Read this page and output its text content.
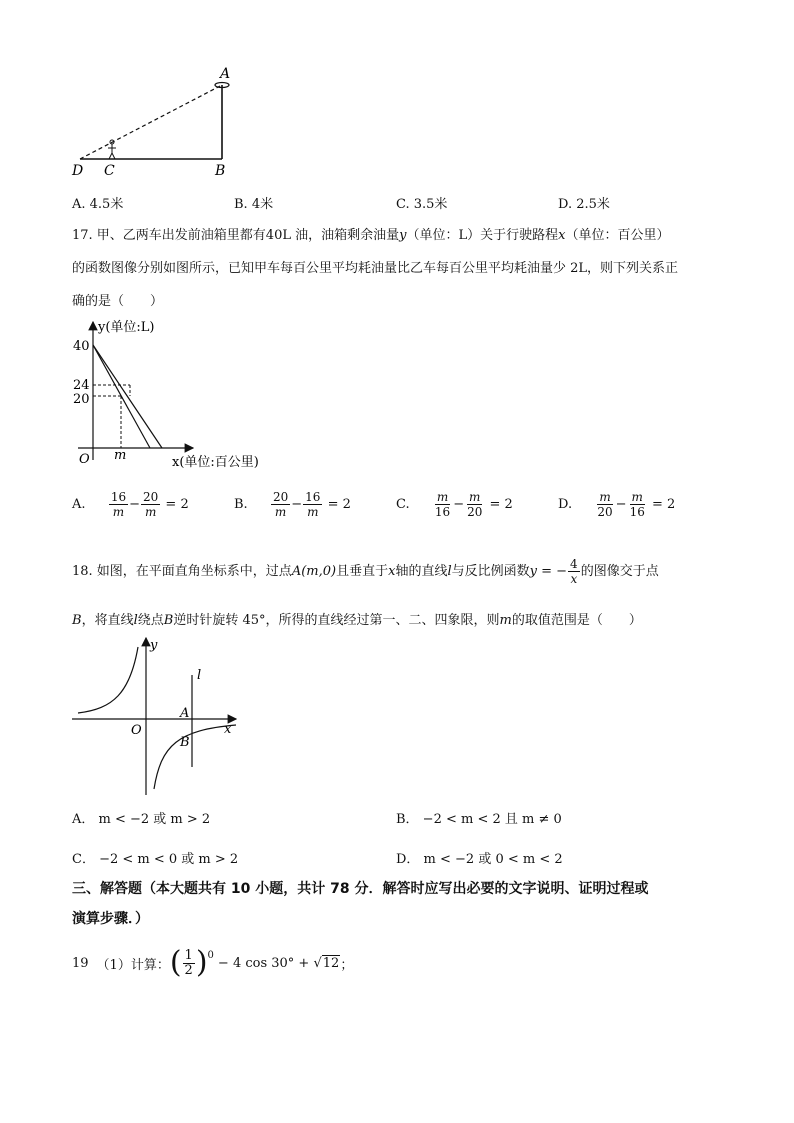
A
B
C
D
A. 4.5米	B. 4米	C. 3.5米	D. 2.5米
17. 甲、乙两车出发前油箱里都有40L 油，油箱剩余油量y（单位：L）关于行驶路程x（单位：百公里）
的函数图像分别如图所示，已知甲车每百公里平均耗油量比乙车每百公里平均耗油量少 2L，则下列关系正
确的是（　　）
40
24
20
O m
y(单位:L)
x(单位:百公里)
A. $\frac{16}{m} - \frac{20}{m} = 2$	B. $\frac{20}{m} - \frac{16}{m} = 2$	C. $\frac{m}{16} - \frac{m}{20} = 2$	D. $\frac{m}{20} - \frac{m}{16} = 2$
18. 如图，在平面直角坐标系中，过点A(m,0)且垂直于x轴的直线l与反比例函数y = − $\frac{4}{x}$ 的图像交于点
B，将直线l绕点B逆时针旋转 45°，所得的直线经过第一、二、四象限，则m的取值范围是（　　）
y
x
l
A
B
O
A． m < −2 或 m > 2	B． −2 < m < 2 且 m ≠ 0
C． −2 < m < 0 或 m > 2	D． m < −2 或 0 < m < 2
三、解答题（本大题共有 10 小题，共计 78 分．解答时应写出必要的文字说明、证明过程或
演算步骤．）
19 （1）计算： ( $\frac{1}{2} )^0 - 4$ cos 30° + √ 12 ；
